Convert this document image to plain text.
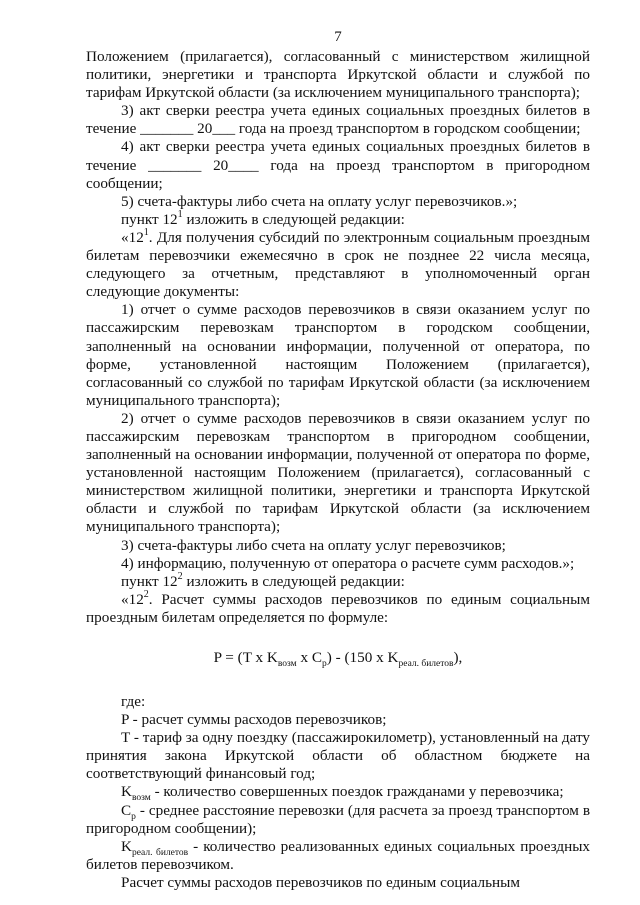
7

Положением (прилагается), согласованный с министерством жилищной политики, энергетики и транспорта Иркутской области и службой по тарифам Иркутской области (за исключением муниципального транспорта);

3) акт сверки реестра учета единых социальных проездных билетов в течение _______ 20___ года на проезд транспортом в городском сообщении;

4) акт сверки реестра учета единых социальных проездных билетов в течение _______ 20____ года на проезд транспортом в пригородном сообщении;

5) счета-фактуры либо счета на оплату услуг перевозчиков.»;

пункт $12^1$ изложить в следующей редакции:

«$12^1$. Для получения субсидий по электронным социальным проездным билетам перевозчики ежемесячно в срок не позднее 22 числа месяца, следующего за отчетным, представляют в уполномоченный орган следующие документы:

1) отчет о сумме расходов перевозчиков в связи оказанием услуг по пассажирским перевозкам транспортом в городском сообщении, заполненный на основании информации, полученной от оператора, по форме, установленной настоящим Положением (прилагается), согласованный со службой по тарифам Иркутской области (за исключением муниципального транспорта);

2) отчет о сумме расходов перевозчиков в связи оказанием услуг по пассажирским перевозкам транспортом в пригородном сообщении, заполненный на основании информации, полученной от оператора по форме, установленной настоящим Положением (прилагается), согласованный с министерством жилищной политики, энергетики и транспорта Иркутской области и службой по тарифам Иркутской области (за исключением муниципального транспорта);

3) счета-фактуры либо счета на оплату услуг перевозчиков;

4) информацию, полученную от оператора о расчете сумм расходов.»;

пункт $12^2$ изложить в следующей редакции:

«$12^2$. Расчет суммы расходов перевозчиков по единым социальным проездным билетам определяется по формуле:

P = (T x $K_{возм}$ x $C_р) - (150$ x $K_{реал. билетов}$),

где:

P - расчет суммы расходов перевозчиков;

T - тариф за одну поездку (пассажирокилометр), установленный на дату принятия закона Иркутской области об областном бюджете на соответствующий финансовый год;

$K_{возм}$ - количество совершенных поездок гражданами у перевозчика;

$C_р$ - среднее расстояние перевозки (для расчета за проезд транспортом в пригородном сообщении);

$K_{реал. билетов}$ - количество реализованных единых социальных проездных билетов перевозчиком.

Расчет суммы расходов перевозчиков по единым социальным
